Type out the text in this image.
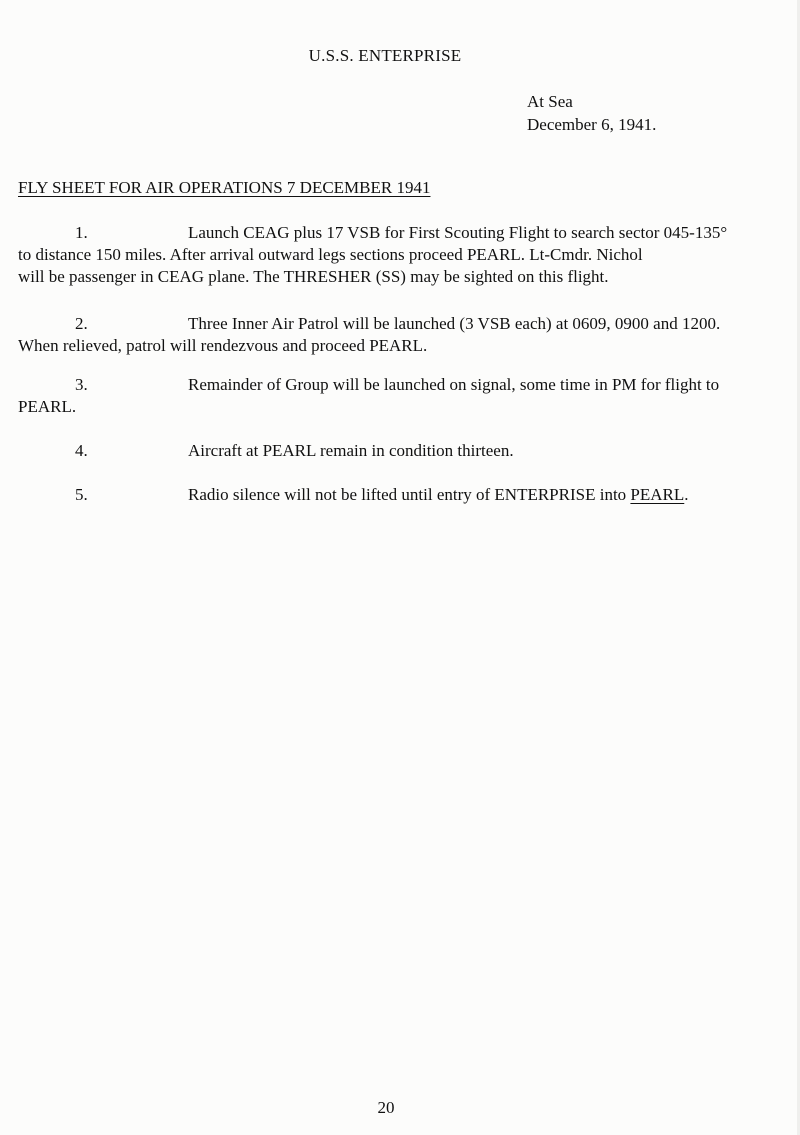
U.S.S. ENTERPRISE
At Sea
December 6, 1941.
FLY SHEET FOR AIR OPERATIONS 7 DECEMBER 1941
1.	Launch CEAG plus 17 VSB for First Scouting Flight to search sector 045-135°
to distance 150 miles. After arrival outward legs sections proceed PEARL. Lt-Cmdr. Nichol
will be passenger in CEAG plane. The THRESHER (SS) may be sighted on this flight.
2.	Three Inner Air Patrol will be launched (3 VSB each) at 0609, 0900 and 1200.
When relieved, patrol will rendezvous and proceed PEARL.
3.	Remainder of Group will be launched on signal, some time in PM for flight to
PEARL.
4.	Aircraft at PEARL remain in condition thirteen.
5.	Radio silence will not be lifted until entry of ENTERPRISE into PEARL.
20
